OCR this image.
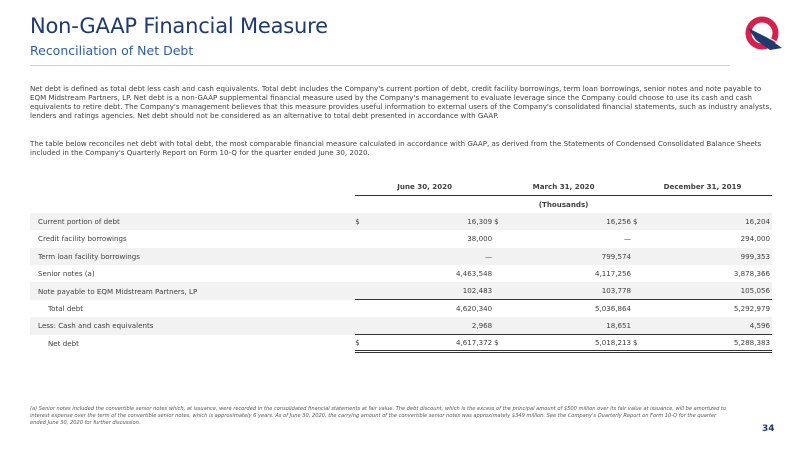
Non-GAAP Financial Measure
Reconciliation of Net Debt

Net debt is defined as total debt less cash and cash equivalents. Total debt includes the Company's current portion of debt, credit facility borrowings, term loan borrowings, senior notes and note payable to EQM Midstream Partners, LP. Net debt is a non-GAAP supplemental financial measure used by the Company's management to evaluate leverage since the Company could choose to use its cash and cash equivalents to retire debt. The Company's management believes that this measure provides useful information to external users of the Company's consolidated financial statements, such as industry analysts, lenders and ratings agencies. Net debt should not be considered as an alternative to total debt presented in accordance with GAAP.

The table below reconciles net debt with total debt, the most comparable financial measure calculated in accordance with GAAP, as derived from the Statements of Condensed Consolidated Balance Sheets included in the Company's Quarterly Report on Form 10-Q for the quarter ended June 30, 2020.

	June 30, 2020		March 31, 2020		December 31, 2019	
	(Thousands)					
Current portion of debt	$	16,309	$	16,256	$	16,204
Credit facility borrowings		38,000		—		294,000
Term loan facility borrowings		—		799,574		999,353
Senior notes (a)		4,463,548		4,117,256		3,878,366
Note payable to EQM Midstream Partners, LP		102,483		103,778		105,056
Total debt		4,620,340		5,036,864		5,292,979
Less: Cash and cash equivalents		2,968		18,651		4,596
Net debt	$	4,617,372	$	5,018,213	$	5,288,383

(a) Senior notes included the convertible senior notes which, at issuance, were recorded in the consolidated financial statements at fair value. The debt discount, which is the excess of the principal amount of $500 million over its fair value at issuance, will be amortized to interest expense over the term of the convertible senior notes, which is approximately 6 years. As of June 30, 2020, the carrying amount of the convertible senior notes was approximately $349 million. See the Company's Quarterly Report on Form 10-Q for the quarter ended June 30, 2020 for further discussion.

34
